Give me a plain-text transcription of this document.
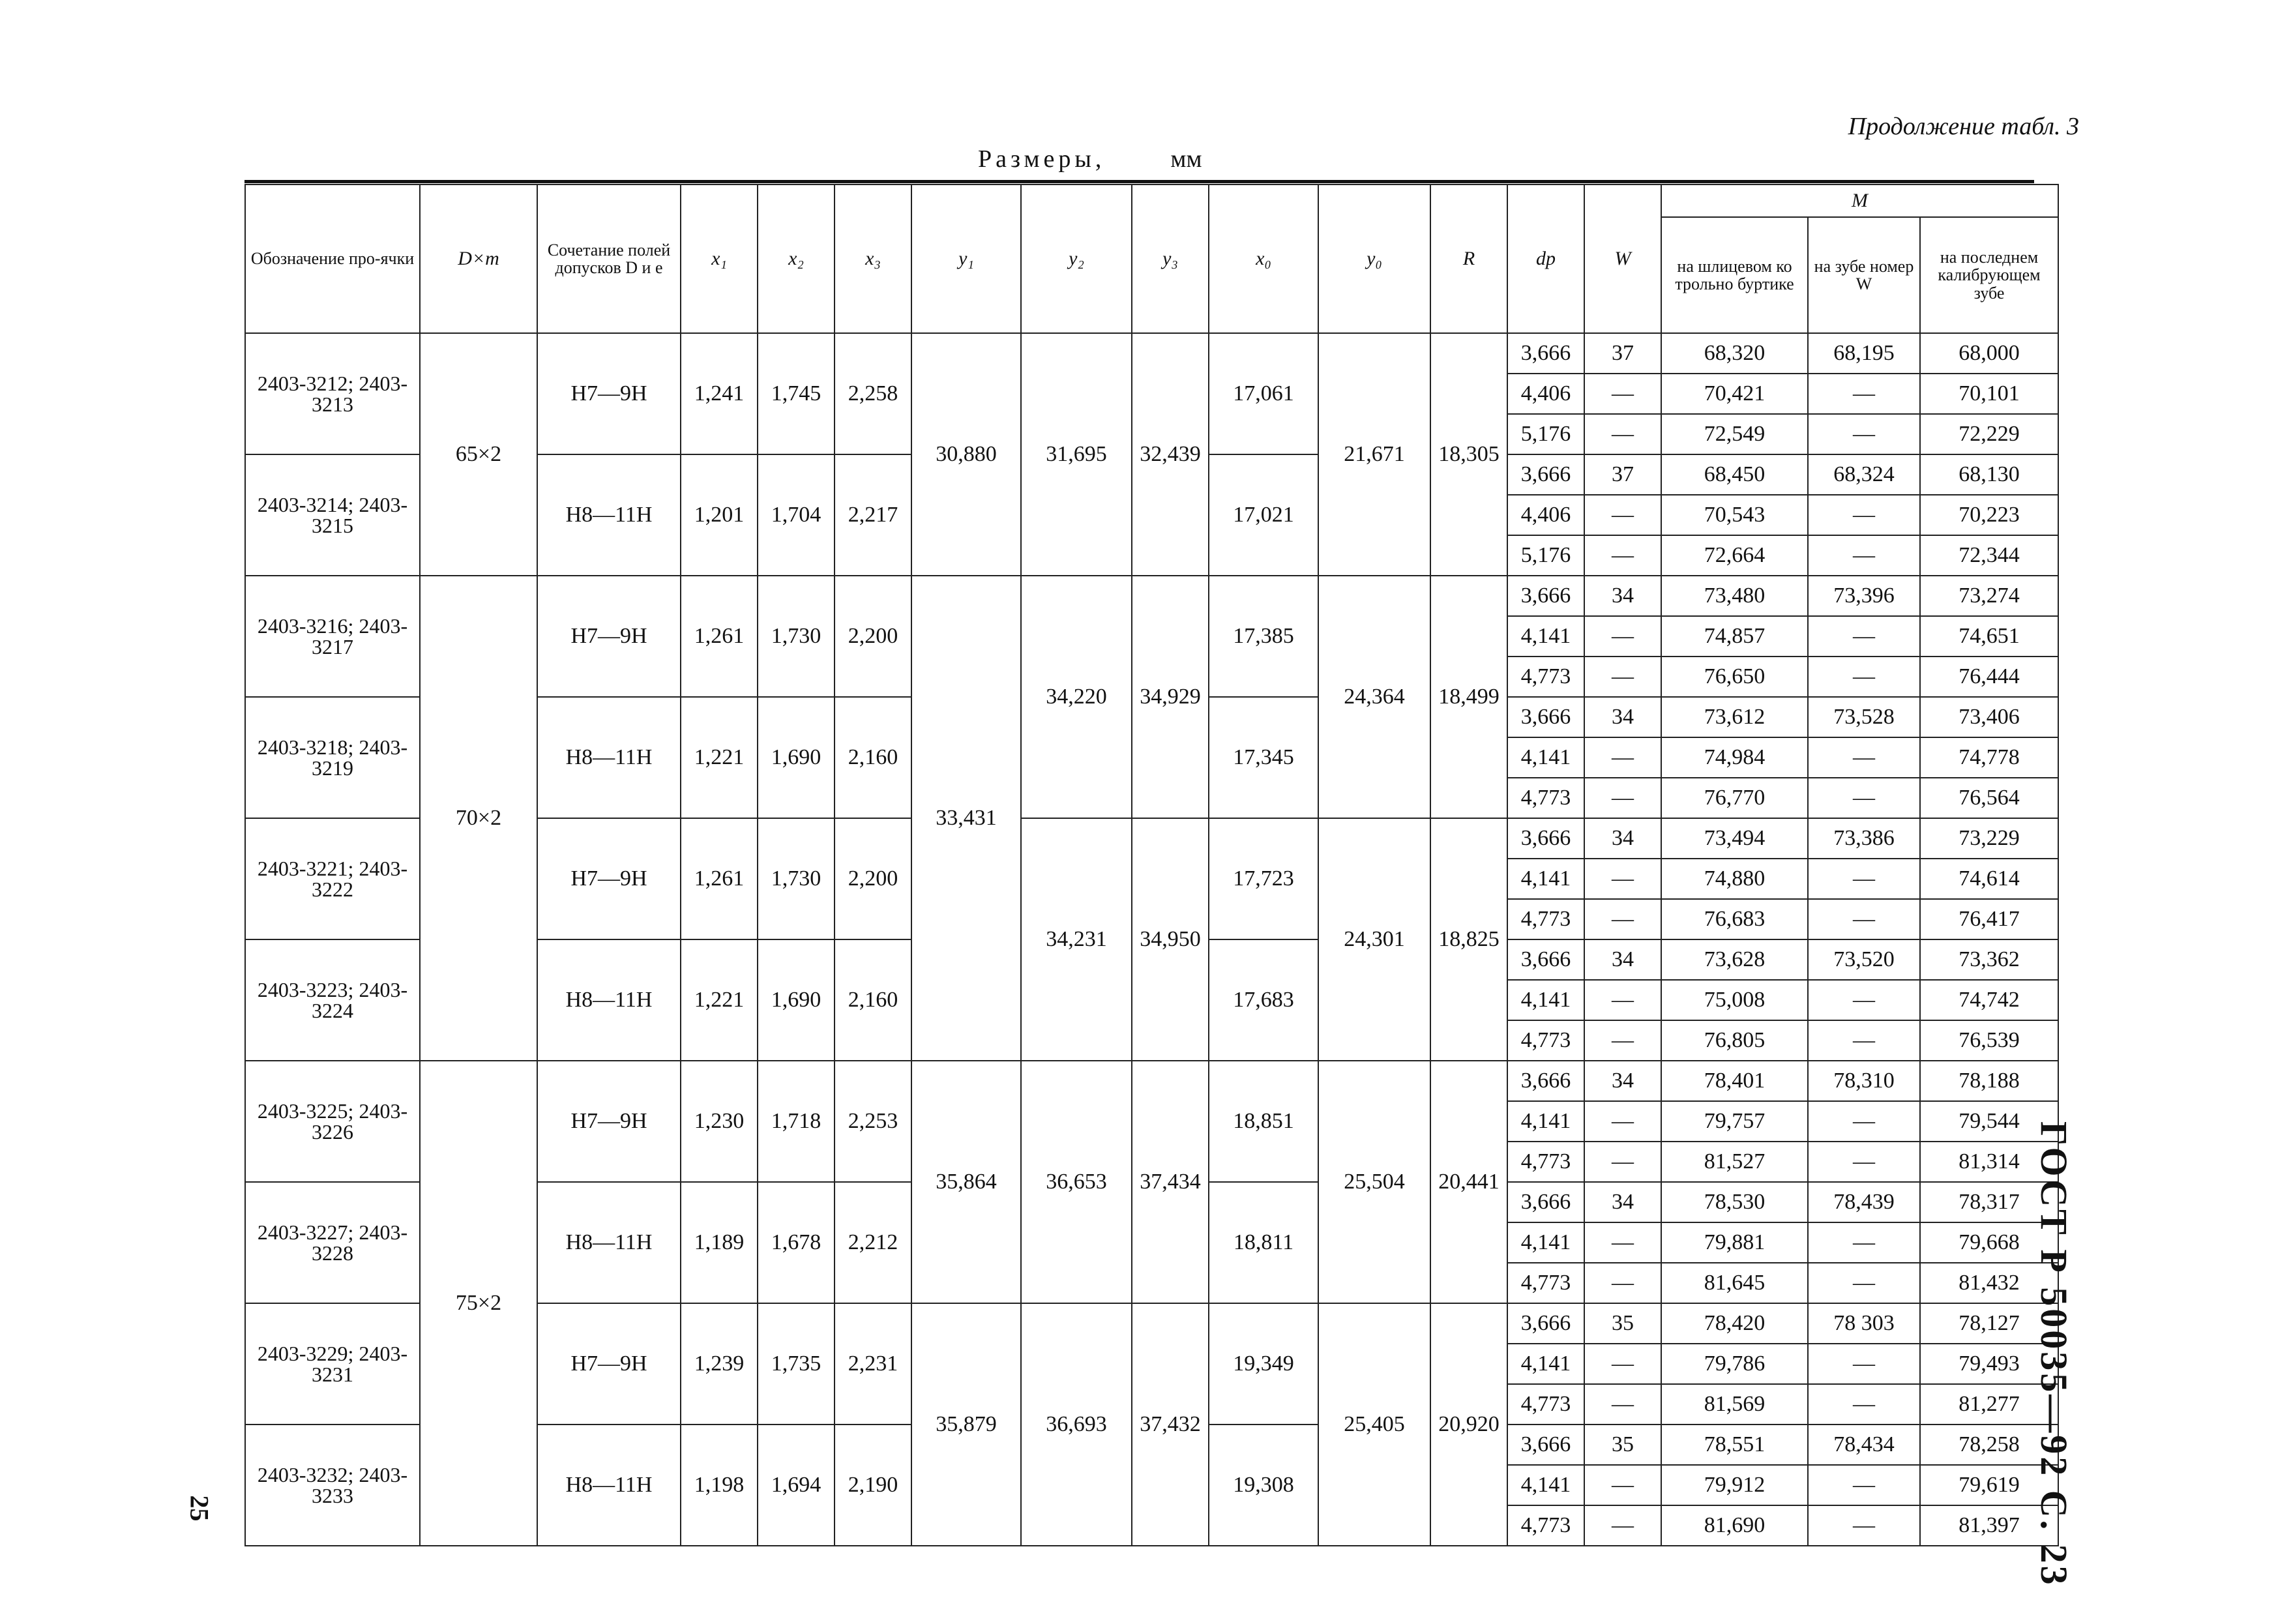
Продолжение табл. 3
Размеры,	мм
Обозначение про-ячки	D×m	Сочетание полей допусков D и e	x₁	x₂	x₃	y₁	y₂	y₃	x₀	y₀	R	dp	W	M		
														на шлицевом ко трольно буртике	на зубе номер W	на последнем калибрующем зубе
2403-3212; 2403-3213	65×2	H7—9H	1,241	1,745	2,258	30,880	31,695	32,439	17,061	21,671	18,305	3,666	37	68,320	68,195	68,000
												4,406	—	70,421	—	70,101
												5,176	—	72,549	—	72,229
2403-3214; 2403-3215		H8—11H	1,201	1,704	2,217				17,021			3,666	37	68,450	68,324	68,130
												4,406	—	70,543	—	70,223
												5,176	—	72,664	—	72,344
2403-3216; 2403-3217	70×2	H7—9H	1,261	1,730	2,200	33,431	34,220	34,929	17,385	24,364	18,499	3,666	34	73,480	73,396	73,274
												4,141	—	74,857	—	74,651
												4,773	—	76,650	—	76,444
2403-3218; 2403-3219		H8—11H	1,221	1,690	2,160				17,345			3,666	34	73,612	73,528	73,406
												4,141	—	74,984	—	74,778
												4,773	—	76,770	—	76,564
2403-3221; 2403-3222		H7—9H	1,261	1,730	2,200		34,231	34,950	17,723	24,301	18,825	3,666	34	73,494	73,386	73,229
												4,141	—	74,880	—	74,614
												4,773	—	76,683	—	76,417
2403-3223; 2403-3224		H8—11H	1,221	1,690	2,160				17,683			3,666	34	73,628	73,520	73,362
												4,141	—	75,008	—	74,742
												4,773	—	76,805	—	76,539
2403-3225; 2403-3226	75×2	H7—9H	1,230	1,718	2,253	35,864	36,653	37,434	18,851	25,504	20,441	3,666	34	78,401	78,310	78,188
												4,141	—	79,757	—	79,544
												4,773	—	81,527	—	81,314
2403-3227; 2403-3228		H8—11H	1,189	1,678	2,212				18,811			3,666	34	78,530	78,439	78,317
												4,141	—	79,881	—	79,668
												4,773	—	81,645	—	81,432
2403-3229; 2403-3231		H7—9H	1,239	1,735	2,231	35,879	36,693	37,432	19,349	25,405	20,920	3,666	35	78,420	78 303	78,127
												4,141	—	79,786	—	79,493
												4,773	—	81,569	—	81,277
2403-3232; 2403-3233		H8—11H	1,198	1,694	2,190				19,308			3,666	35	78,551	78,434	78,258
												4,141	—	79,912	—	79,619
												4,773	—	81,690	—	81,397 ГОСТ Р 50035—92 С. 23
25
